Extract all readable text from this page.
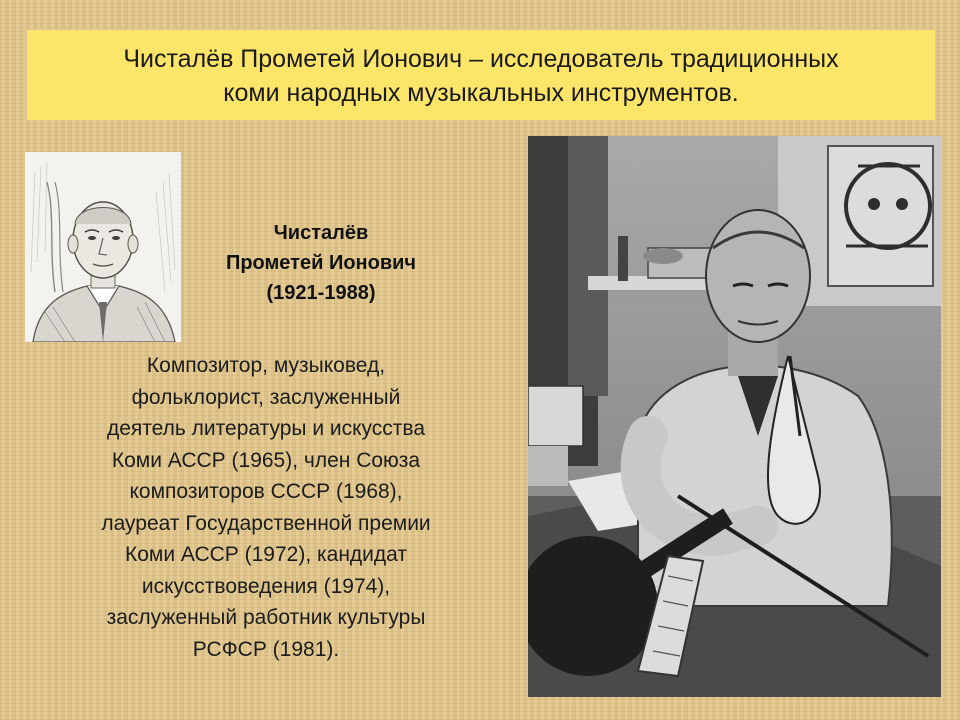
Чисталёв Прометей Ионович – исследователь традиционных
коми народных музыкальных инструментов.
Чисталёв
Прометей Ионович
(1921-1988)
Композитор, музыковед,
фольклорист, заслуженный
деятель литературы и искусства
Коми АССР (1965), член Союза
композиторов СССР (1968),
лауреат Государственной премии
Коми АССР (1972), кандидат
искусствоведения (1974),
заслуженный работник культуры
РСФСР (1981).
